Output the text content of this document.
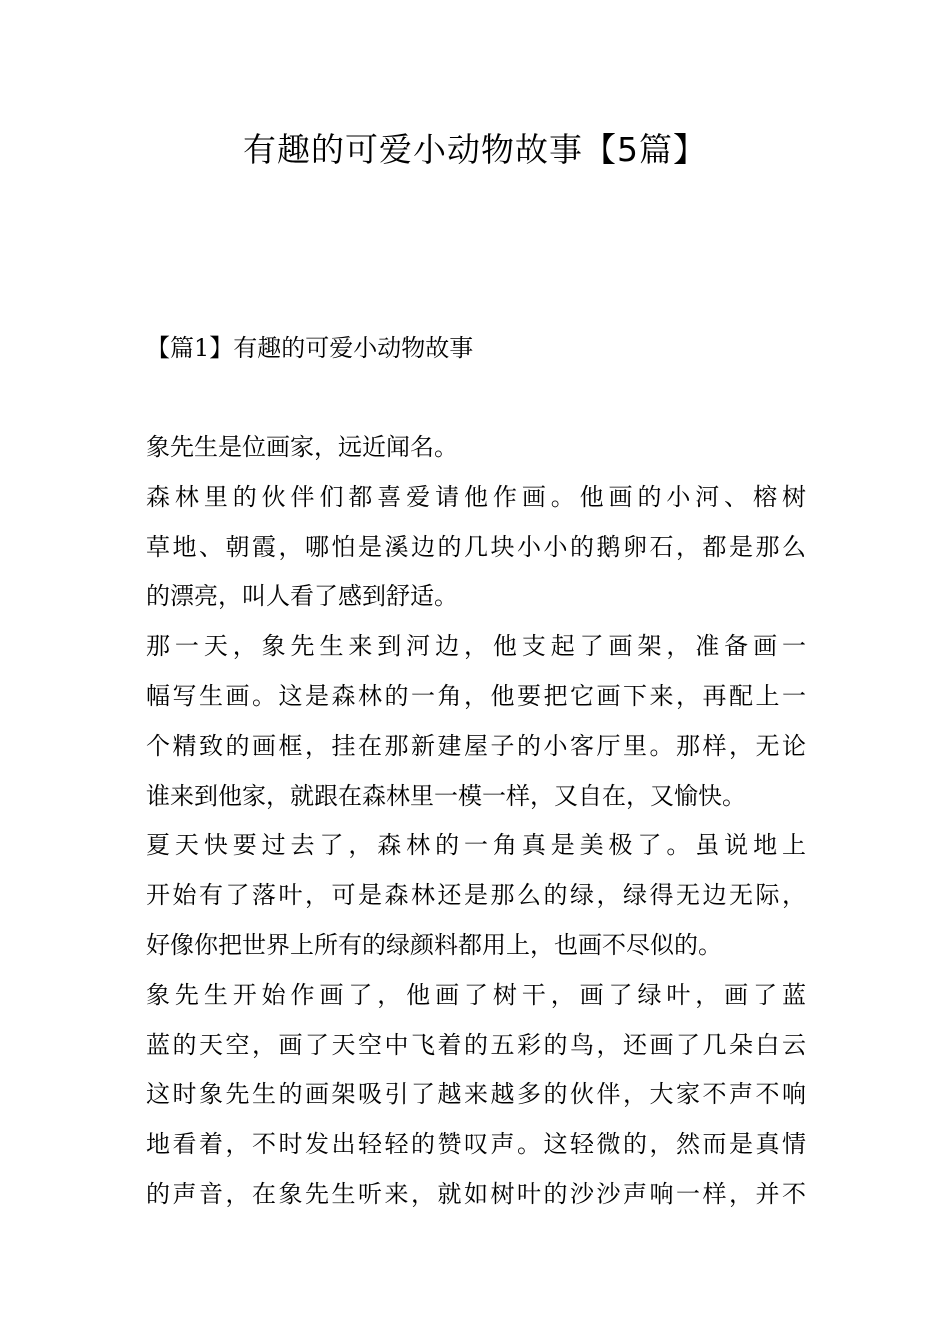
有趣的可爱小动物故事【5篇】
【篇1】有趣的可爱小动物故事
象先生是位画家，远近闻名。
森林里的伙伴们都喜爱请他作画。他画的小河、榕树
草地、朝霞，哪怕是溪边的几块小小的鹅卵石，都是那么
的漂亮，叫人看了感到舒适。
那一天，象先生来到河边，他支起了画架，准备画一
幅写生画。这是森林的一角，他要把它画下来，再配上一
个精致的画框，挂在那新建屋子的小客厅里。那样，无论
谁来到他家，就跟在森林里一模一样，又自在，又愉快。
夏天快要过去了，森林的一角真是美极了。虽说地上
开始有了落叶，可是森林还是那么的绿，绿得无边无际，
好像你把世界上所有的绿颜料都用上，也画不尽似的。
象先生开始作画了，他画了树干，画了绿叶，画了蓝
蓝的天空，画了天空中飞着的五彩的鸟，还画了几朵白云
这时象先生的画架吸引了越来越多的伙伴，大家不声不响
地看着，不时发出轻轻的赞叹声。这轻微的，然而是真情
的声音，在象先生听来，就如树叶的沙沙声响一样，并不
